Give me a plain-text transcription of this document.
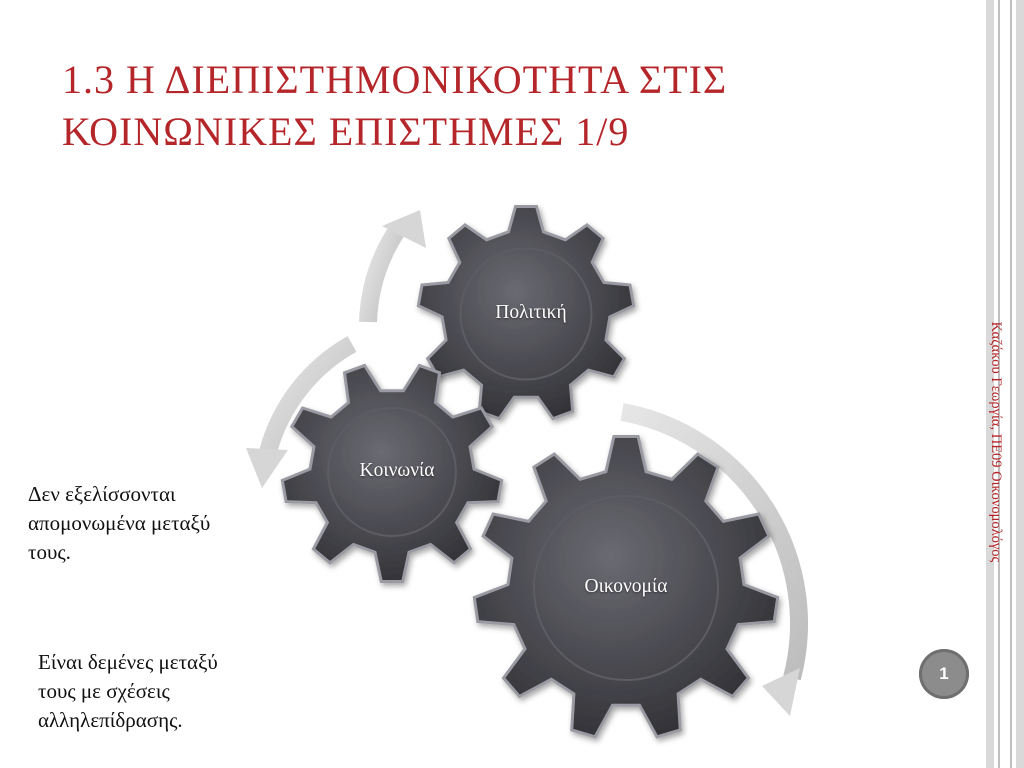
1.3 Η ΔΙΕΠΙΣΤΗΜΟΝΙΚΟΤΗΤΑ ΣΤΙΣ
ΚΟΙΝΩΝΙΚΕΣ ΕΠΙΣΤΗΜΕΣ 1/9
Καζάκου Γεωργία, ΠΕ09 Οικονομολόγος
Πολιτική
Κοινωνία
Οικονομία
Δεν εξελίσσονται
απομονωμένα μεταξύ
τους.
Είναι δεμένες μεταξύ
τους με σχέσεις
αλληλεπίδρασης.
1
